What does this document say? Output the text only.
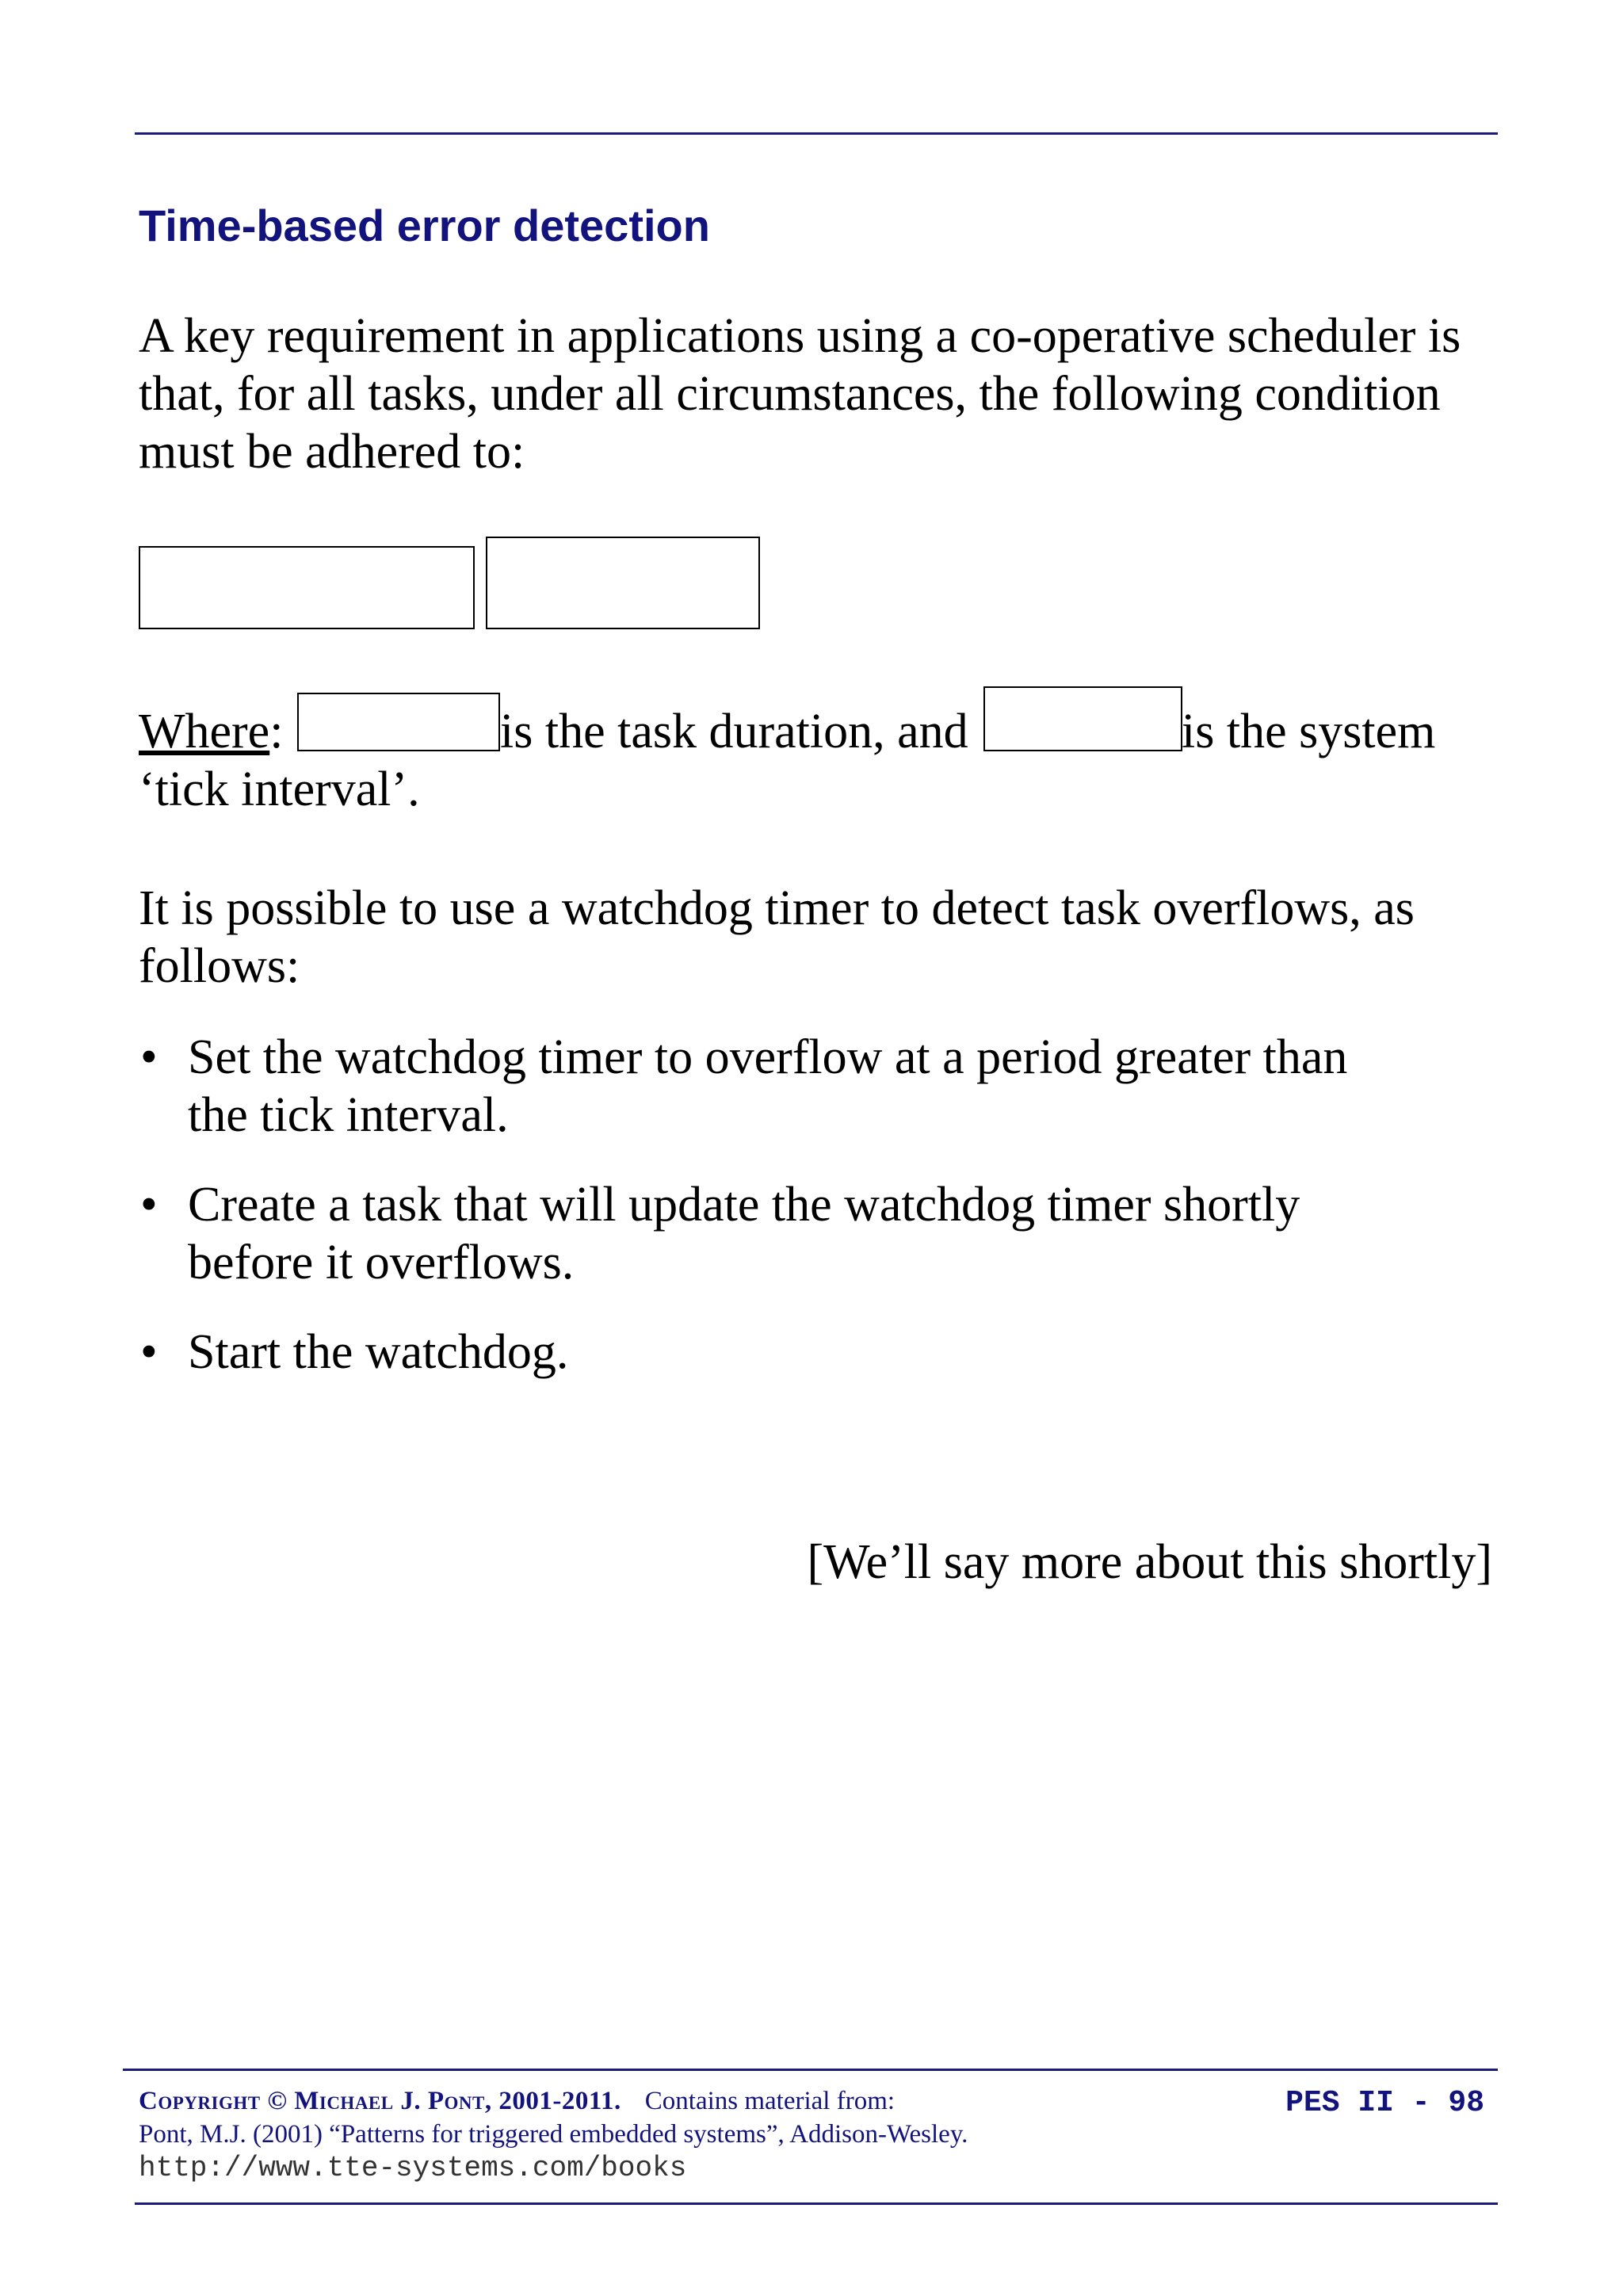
Time-based error detection

A key requirement in applications using a co-operative scheduler is that, for all tasks, under all circumstances, the following condition must be adhered to:

Where:	is the task duration, and	is the system
‘tick interval’.

It is possible to use a watchdog timer to detect task overflows, as follows:

• Set the watchdog timer to overflow at a period greater than the tick interval.
• Create a task that will update the watchdog timer shortly before it overflows.
• Start the watchdog.

[We’ll say more about this shortly]

Copyright © Michael J. Pont, 2001-2011. Contains material from:
Pont, M.J. (2001) “Patterns for triggered embedded systems”, Addison-Wesley.
http://www.tte-systems.com/books
PES II - 98
